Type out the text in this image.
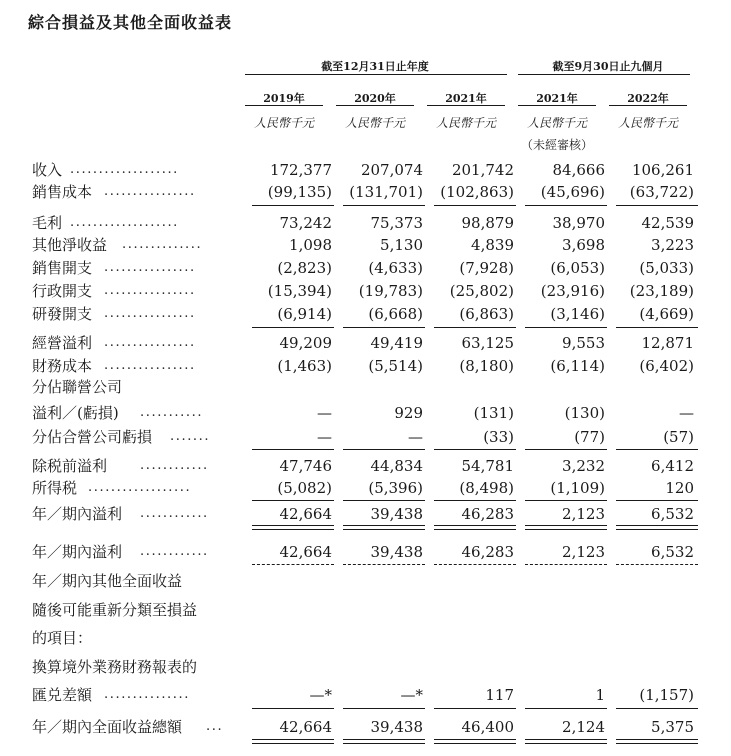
綜合損益及其他全面收益表
截至12月31日止年度	截至9月30日止九個月
2019年	2020年	2021年	2021年	2022年
人民幣千元	人民幣千元	人民幣千元	人民幣千元	人民幣千元
（未經審核）
收入 ...................	172,377	207,074	201,742	84,666	106,261
銷售成本 ................	(99,135)	(131,701)	(102,863)	(45,696)	(63,722)
毛利 ...................	73,242	75,373	98,879	38,970	42,539
其他淨收益 ..............	1,098	5,130	4,839	3,698	3,223
銷售開支 ................	(2,823)	(4,633)	(7,928)	(6,053)	(5,033)
行政開支 ................	(15,394)	(19,783)	(25,802)	(23,916)	(23,189)
研發開支 ................	(6,914)	(6,668)	(6,863)	(3,146)	(4,669)
經營溢利 ................	49,209	49,419	63,125	9,553	12,871
財務成本 ................	(1,463)	(5,514)	(8,180)	(6,114)	(6,402)
分佔聯營公司
溢利／(虧損) ...........	—	929	(131)	(130)	—
分佔合營公司虧損 .......	—	—	(33)	(77)	(57)
除税前溢利	............	47,746	44,834	54,781	3,232	6,412
所得税 ..................	(5,082)	(5,396)	(8,498)	(1,109)	120
年／期內溢利 ............	42,664	39,438	46,283	2,123	6,532
年／期內溢利 ............	42,664	39,438	46,283	2,123	6,532
年／期內其他全面收益
隨後可能重新分類至損益
的項目：
換算境外業務財務報表的
匯兑差額 ...............	—*	—*	117	1	(1,157)
年／期內全面收益總額 ...	42,664	39,438	46,400	2,124	5,375
